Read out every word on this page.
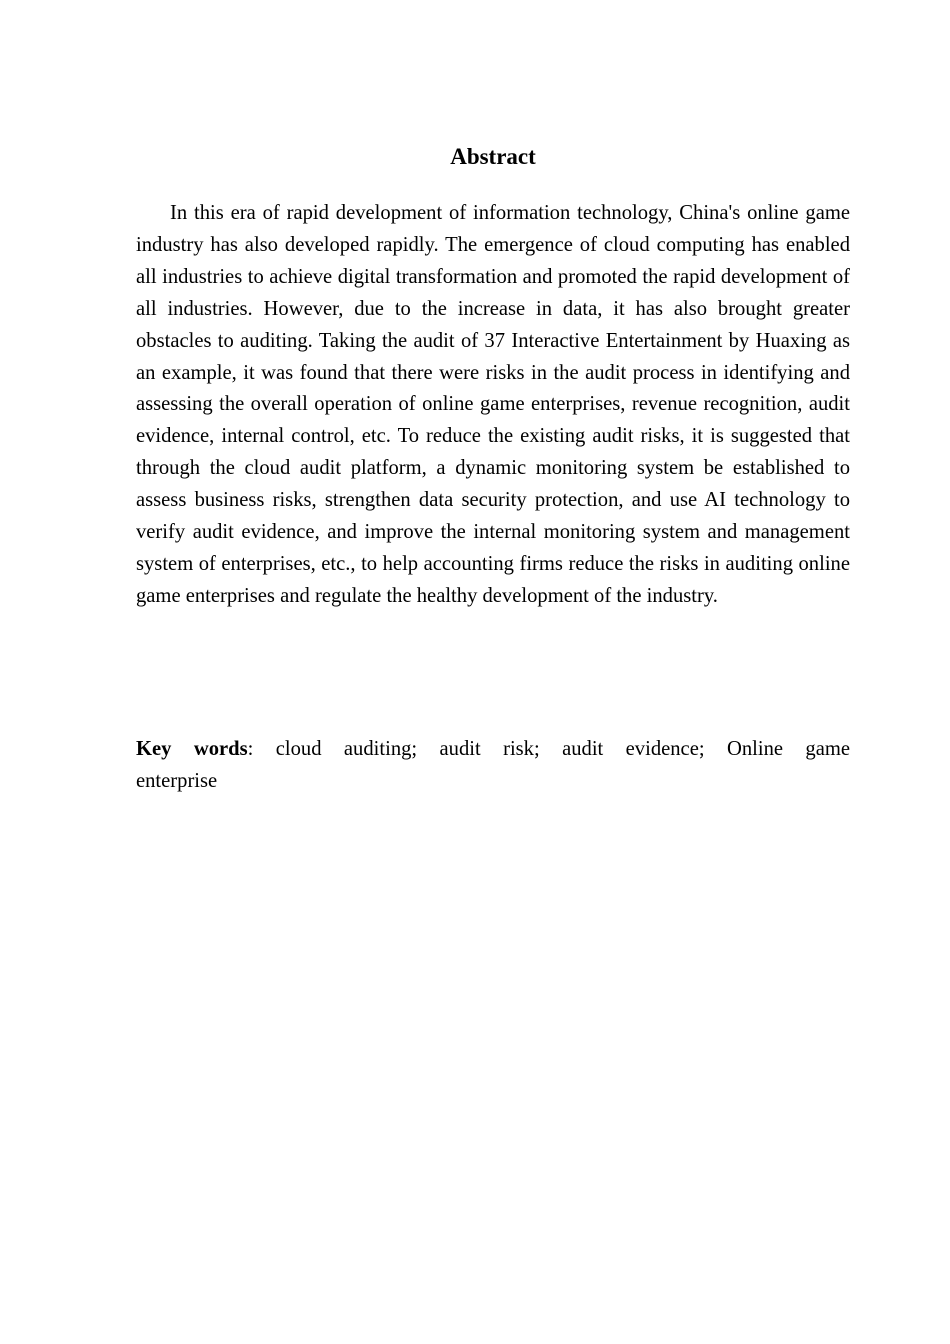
Abstract

In this era of rapid development of information technology, China's online game industry has also developed rapidly. The emergence of cloud computing has enabled all industries to achieve digital transformation and promoted the rapid development of all industries. However, due to the increase in data, it has also brought greater obstacles to auditing. Taking the audit of 37 Interactive Entertainment by Huaxing as an example, it was found that there were risks in the audit process in identifying and assessing the overall operation of online game enterprises, revenue recognition, audit evidence, internal control, etc. To reduce the existing audit risks, it is suggested that through the cloud audit platform, a dynamic monitoring system be established to assess business risks, strengthen data security protection, and use AI technology to verify audit evidence, and improve the internal monitoring system and management system of enterprises, etc., to help accounting firms reduce the risks in auditing online game enterprises and regulate the healthy development of the industry.

Key words: cloud auditing; audit risk; audit evidence; Online game enterprise
